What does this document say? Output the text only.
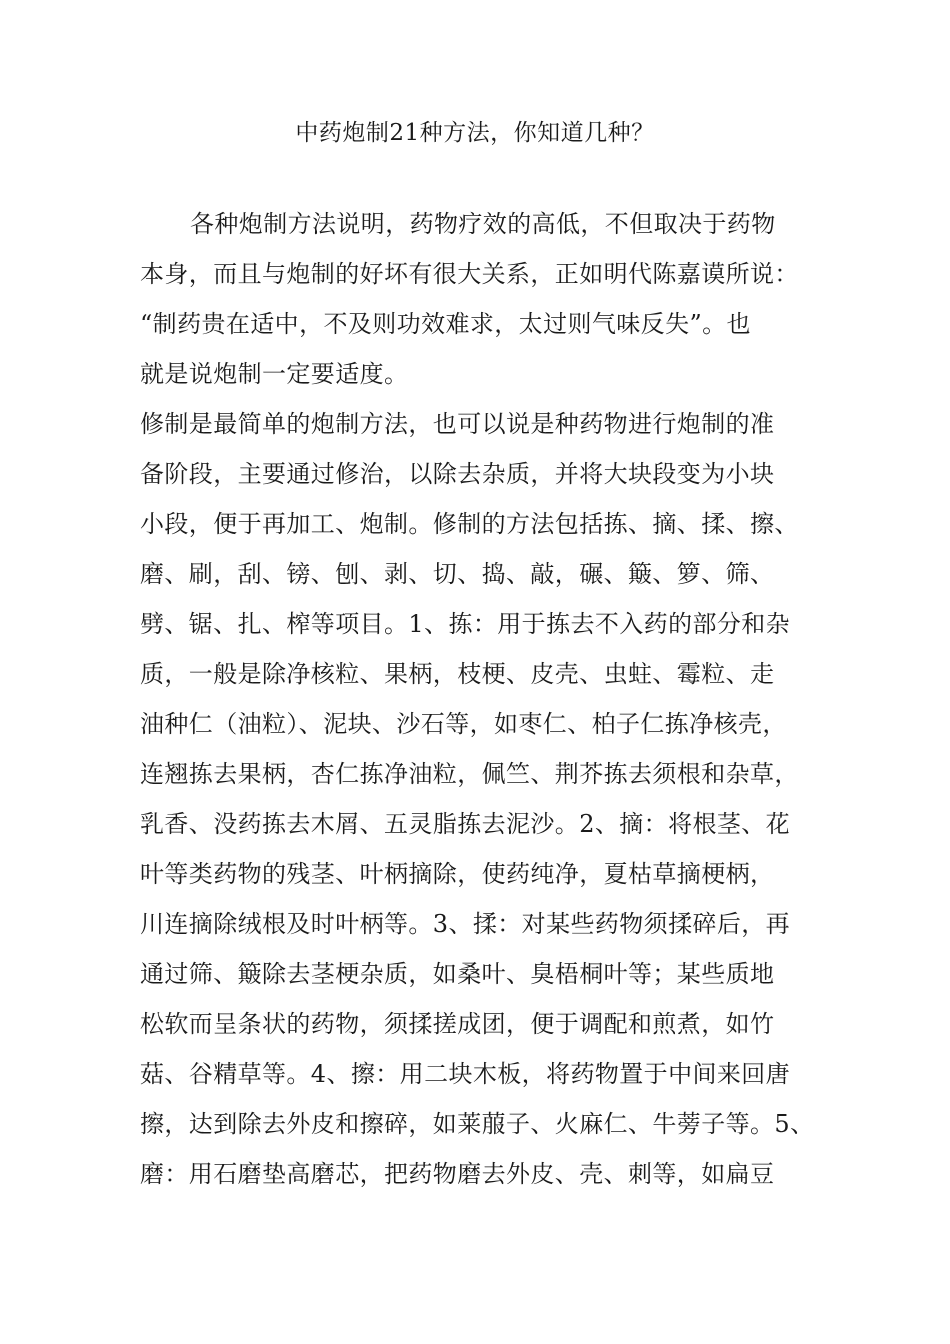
中药炮制21种方法，你知道几种？
各种炮制方法说明，药物疗效的高低，不但取决于药物
本身，而且与炮制的好坏有很大关系，正如明代陈嘉谟所说：
“制药贵在适中，不及则功效难求，太过则气味反失”。也
就是说炮制一定要适度。
修制是最简单的炮制方法，也可以说是种药物进行炮制的准
备阶段，主要通过修治，以除去杂质，并将大块段变为小块
小段，便于再加工、炮制。修制的方法包括拣、摘、揉、擦、
磨、刷，刮、镑、刨、剥、切、捣、敲，碾、簸、箩、筛、
劈、锯、扎、榨等项目。1、拣：用于拣去不入药的部分和杂
质，一般是除净核粒、果柄，枝梗、皮壳、虫蛀、霉粒、走
油种仁（油粒）、泥块、沙石等，如枣仁、柏子仁拣净核壳，
连翘拣去果柄，杏仁拣净油粒，佩竺、荆芥拣去须根和杂草，
乳香、没药拣去木屑、五灵脂拣去泥沙。2、摘：将根茎、花
叶等类药物的残茎、叶柄摘除，使药纯净，夏枯草摘梗柄，
川连摘除绒根及时叶柄等。3、揉：对某些药物须揉碎后，再
通过筛、簸除去茎梗杂质，如桑叶、臭梧桐叶等；某些质地
松软而呈条状的药物，须揉搓成团，便于调配和煎煮，如竹
菇、谷精草等。4、擦：用二块木板，将药物置于中间来回唐
擦，达到除去外皮和擦碎，如莱菔子、火麻仁、牛蒡子等。5、
磨：用石磨垫高磨芯，把药物磨去外皮、壳、刺等，如扁豆
